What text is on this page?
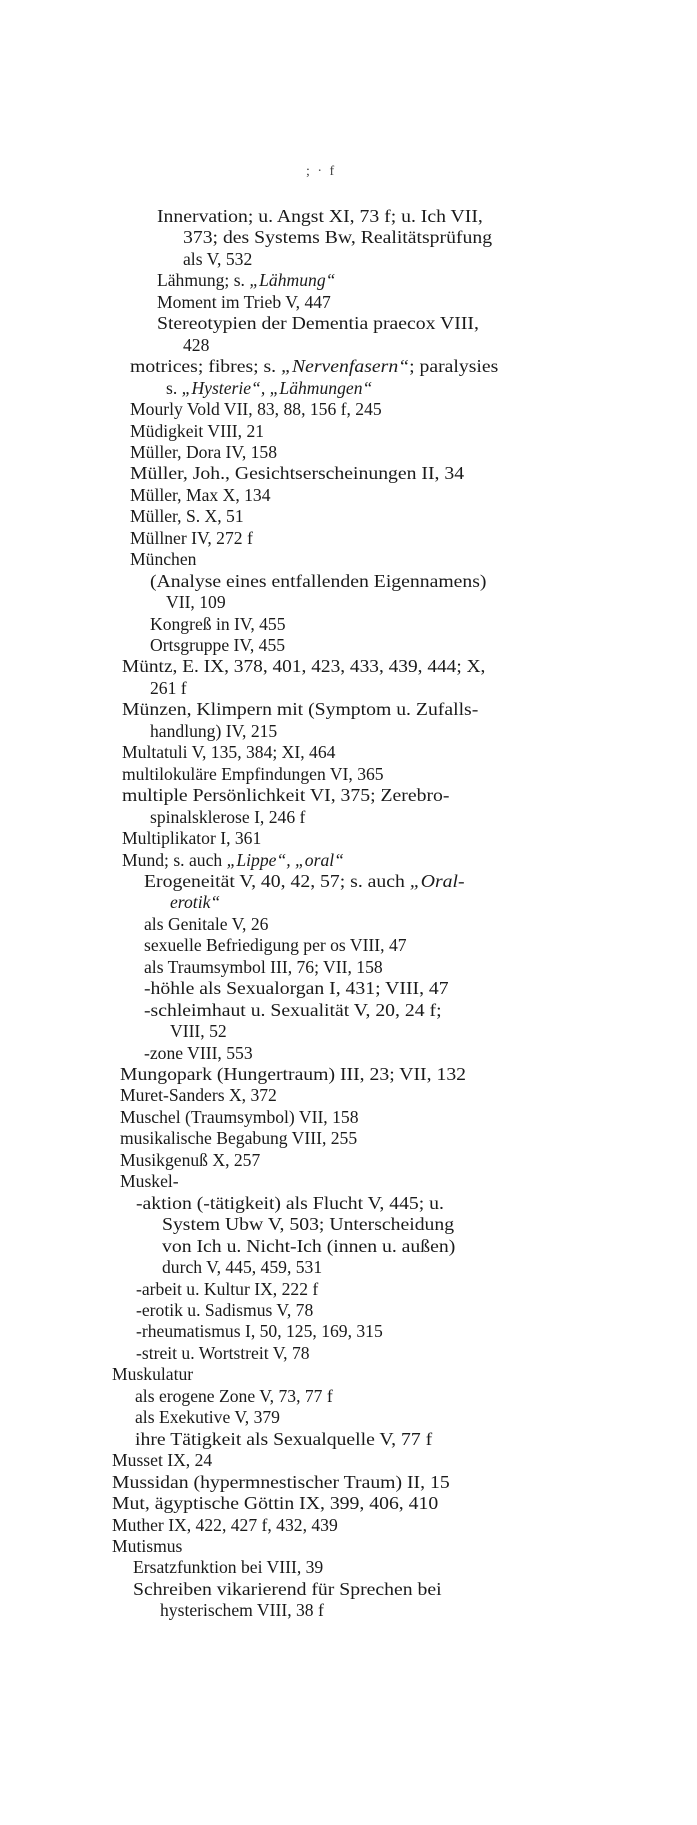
; · f
Innervation; u. Angst XI, 73 f; u. Ich VII,
373; des Systems Bw, Realitätsprüfung
als V, 532
Lähmung; s. „Lähmung“
Moment im Trieb V, 447
Stereotypien der Dementia praecox VIII,
428
motrices; fibres; s. „Nervenfasern“; paralysies
s. „Hysterie“, „Lähmungen“
Mourly Vold VII, 83, 88, 156 f, 245
Müdigkeit VIII, 21
Müller, Dora IV, 158
Müller, Joh., Gesichtserscheinungen II, 34
Müller, Max X, 134
Müller, S. X, 51
Müllner IV, 272 f
München
(Analyse eines entfallenden Eigennamens)
VII, 109
Kongreß in IV, 455
Ortsgruppe IV, 455
Müntz, E. IX, 378, 401, 423, 433, 439, 444; X,
261 f
Münzen, Klimpern mit (Symptom u. Zufalls-
handlung) IV, 215
Multatuli V, 135, 384; XI, 464
multilokuläre Empfindungen VI, 365
multiple Persönlichkeit VI, 375; Zerebro-
spinalsklerose I, 246 f
Multiplikator I, 361
Mund; s. auch „Lippe“, „oral“
Erogeneität V, 40, 42, 57; s. auch „Oral-
erotik“
als Genitale V, 26
sexuelle Befriedigung per os VIII, 47
als Traumsymbol III, 76; VII, 158
-höhle als Sexualorgan I, 431; VIII, 47
-schleimhaut u. Sexualität V, 20, 24 f;
VIII, 52
-zone VIII, 553
Mungopark (Hungertraum) III, 23; VII, 132
Muret-Sanders X, 372
Muschel (Traumsymbol) VII, 158
musikalische Begabung VIII, 255
Musikgenuß X, 257
Muskel-
-aktion (-tätigkeit) als Flucht V, 445; u.
System Ubw V, 503; Unterscheidung
von Ich u. Nicht-Ich (innen u. außen)
durch V, 445, 459, 531
-arbeit u. Kultur IX, 222 f
-erotik u. Sadismus V, 78
-rheumatismus I, 50, 125, 169, 315
-streit u. Wortstreit V, 78
Muskulatur
als erogene Zone V, 73, 77 f
als Exekutive V, 379
ihre Tätigkeit als Sexualquelle V, 77 f
Musset IX, 24
Mussidan (hypermnestischer Traum) II, 15
Mut, ägyptische Göttin IX, 399, 406, 410
Muther IX, 422, 427 f, 432, 439
Mutismus
Ersatzfunktion bei VIII, 39
Schreiben vikarierend für Sprechen bei
hysterischem VIII, 38 f
